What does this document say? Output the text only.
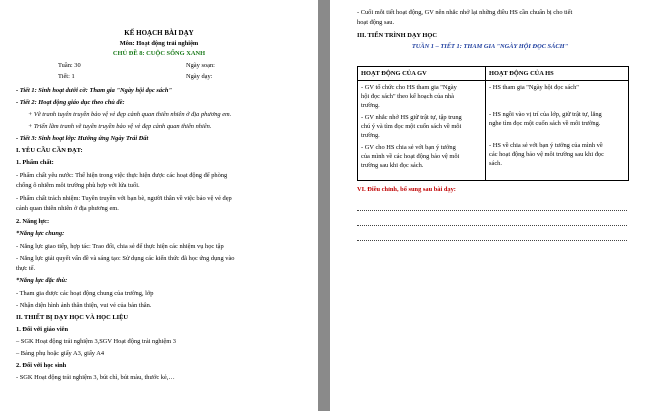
KẾ HOẠCH BÀI DẠY
Môn: Hoạt động trải nghiệm
CHỦ ĐỀ 8: CUỘC SỐNG XANH
Tuần: 30
Tiết: 1
Ngày soạn:
Ngày dạy:
- Tiết 1: Sinh hoạt dưới cờ: Tham gia "Ngày hội đọc sách"
- Tiết 2: Hoạt động giáo dục theo chủ đề:
+ Vẽ tranh tuyên truyền bảo vệ vẻ đẹp cảnh quan thiên nhiên ở địa phương em.
+ Triển lãm tranh vẽ tuyên truyền bảo vệ vẻ đẹp cảnh quan thiên nhiên.
- Tiết 3: Sinh hoạt lớp: Hướng ứng Ngày Trái Đất
I. YÊU CẦU CẦN ĐẠT:
1. Phẩm chất:
- Phẩm chất yêu nước: Thể hiện trong việc thực hiện được các hoạt động để phòng
chống ô nhiễm môi trường phù hợp với lứa tuổi.
- Phẩm chất trách nhiệm: Tuyên truyền với bạn bè, người thân về việc bảo vệ vẻ đẹp
cảnh quan thiên nhiên ở địa phương em.
2. Năng lực:
*Năng lực chung:
- Năng lực giao tiếp, hợp tác: Trao đổi, chia sẻ để thực hiện các nhiệm vụ học tập
- Năng lực giải quyết vấn đề và sáng tạo: Sử dụng các kiến thức đã học ứng dụng vào
thực tế.
*Năng lực đặc thù:
- Tham gia được các hoạt động chung của trường, lớp
- Nhận diện hình ảnh thân thiện, vui vẻ của bản thân.
II. THIẾT BỊ DẠY HỌC VÀ HỌC LIỆU
1. Đối với giáo viên
– SGK Hoạt động trải nghiệm 3,SGV Hoạt động trải nghiệm 3
– Bảng phụ hoặc giấy A3, giấy A4
2. Đối với học sinh
- SGK Hoạt động trải nghiệm 3, bút chì, bút màu, thước kẻ,…
- Cuối mỗi tiết hoạt động, GV nên nhắc nhở lại những điều HS cần chuẩn bị cho tiết
hoạt động sau.
III. TIẾN TRÌNH DẠY HỌC
TUẦN 1 – TIẾT 1: THAM GIA "NGÀY HỘI ĐỌC SÁCH"
HOẠT ĐỘNG CỦA GV	HOẠT ĐỘNG CỦA HS
- GV tổ chức cho HS tham gia "Ngày
hội đọc sách" theo kế hoạch của nhà
trường.
- GV nhắc nhở HS giữ trật tự, tập trung
chú ý và tìm đọc một cuốn sách về môi
trường.
- GV cho HS chia sẻ với bạn ý tưởng
của mình về các hoạt động bảo vệ môi
trường sau khi đọc sách.
- HS tham gia "Ngày hội đọc sách"
- HS ngồi vào vị trí của lớp, giữ trật tự, lắng
nghe tìm đọc một cuốn sách về môi trường.
- HS về chia sẻ với bạn ý tưởng của mình về
các hoạt động bảo vệ môi trường sau khi đọc
sách.
VI. Điều chỉnh, bổ sung sau bài dạy:
